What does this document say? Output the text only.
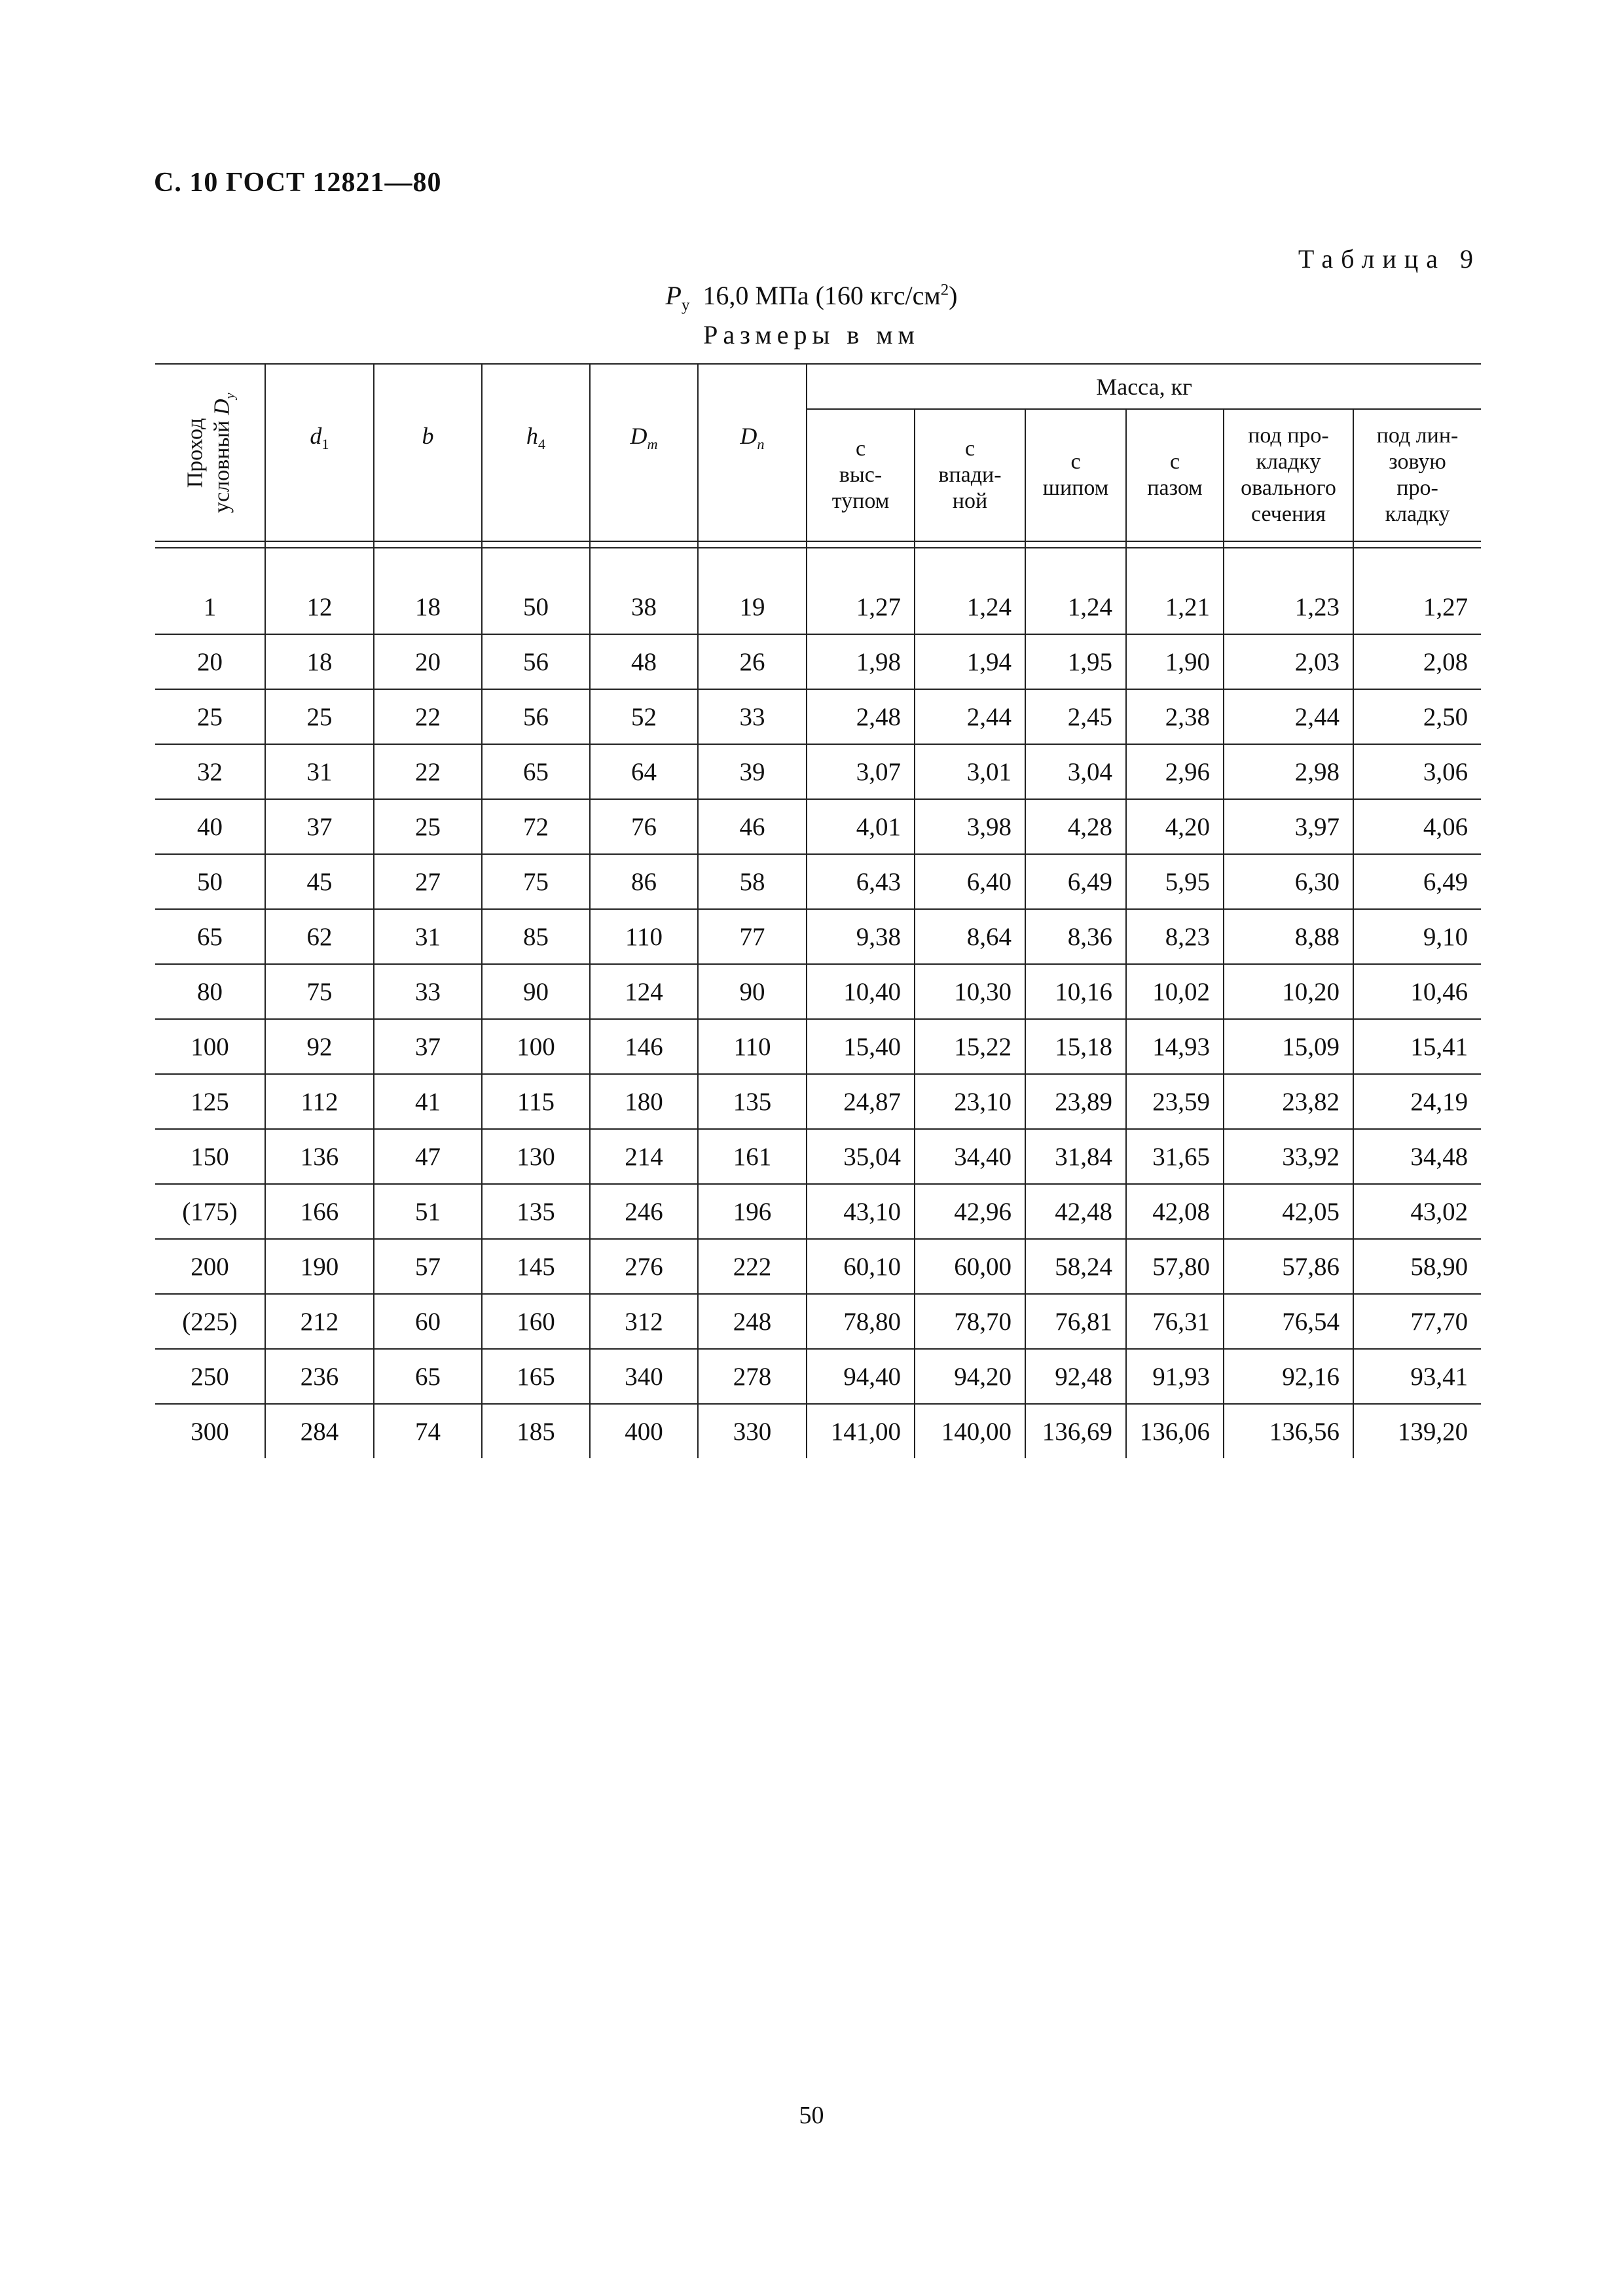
С. 10 ГОСТ 12821—80
Таблица 9
$P_у$ 16,0 МПа (160 кгс/$см^2$)
Размеры в мм
Проход условный $D_у$	$d_1$	b	$h_4$	$D_m$	$D_n$	Масса, кг					
						с
выс-
тупом	с
впади-
ной	с
шипом	с
пазом	под про-
кладку
овального
сечения	под лин-
зовую
про-
кладку

1	12	18	50	38	19	1,27	1,24	1,24	1,21	1,23	1,27
20	18	20	56	48	26	1,98	1,94	1,95	1,90	2,03	2,08
25	25	22	56	52	33	2,48	2,44	2,45	2,38	2,44	2,50
32	31	22	65	64	39	3,07	3,01	3,04	2,96	2,98	3,06
40	37	25	72	76	46	4,01	3,98	4,28	4,20	3,97	4,06
50	45	27	75	86	58	6,43	6,40	6,49	5,95	6,30	6,49
65	62	31	85	110	77	9,38	8,64	8,36	8,23	8,88	9,10
80	75	33	90	124	90	10,40	10,30	10,16	10,02	10,20	10,46
100	92	37	100	146	110	15,40	15,22	15,18	14,93	15,09	15,41
125	112	41	115	180	135	24,87	23,10	23,89	23,59	23,82	24,19
150	136	47	130	214	161	35,04	34,40	31,84	31,65	33,92	34,48
(175)	166	51	135	246	196	43,10	42,96	42,48	42,08	42,05	43,02
200	190	57	145	276	222	60,10	60,00	58,24	57,80	57,86	58,90
(225)	212	60	160	312	248	78,80	78,70	76,81	76,31	76,54	77,70
250	236	65	165	340	278	94,40	94,20	92,48	91,93	92,16	93,41
300	284	74	185	400	330	141,00	140,00	136,69	136,06	136,56	139,20
50
